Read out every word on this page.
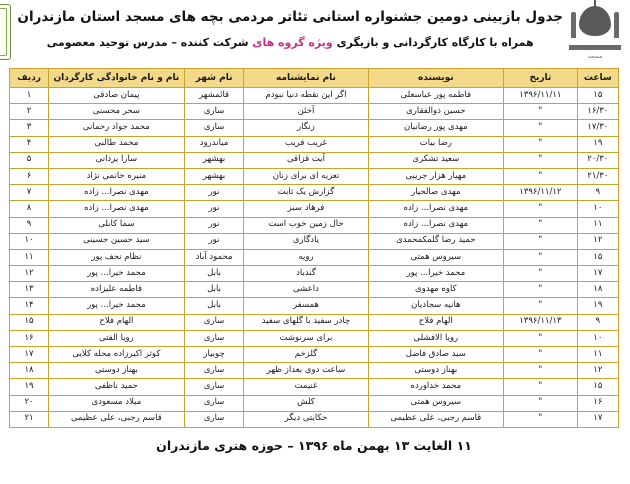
مسجد
جدول بازبینی دومین جشنواره استانی تئاتر مردمی بچه های مسجد استان مازندران
همراه با کارگاه کارگردانی و بازیگری ویژه گروه های شرکت کننده – مدرس توحید معصومی
ساعت	تاریخ	نویسنده	نام نمایشنامه	نام شهر	نام و نام خانوادگی کارگردان	ردیف
۱۵	۱۳۹۶/۱۱/۱۱	فاطمه پور عباسعلی	اگر این نقطه دنیا نبودم	قائمشهر	پیمان صادقی	۱
۱۶/۳۰	"	حسین ذوالفقاری	آخئن	ساری	سحر محسنی	۲
۱۷/۳۰	"	مهدی پور رضانیان	زنگار	ساری	محمد جواد رحمانی	۳
۱۹	"	رضا بیات	غریب قریب	میاندرود	محمد طالبی	۴
۲۰/۳۰	"	سعید تشکری	آیت قزاقی	بهشهر	سارا یزدانی	۵
۲۱/۳۰	"	مهیار هزار جریبی	تعزیه ای برای زنان	بهشهر	منیره خانمی نژاد	۶
۹	۱۳۹۶/۱۱/۱۲	مهدی صالحیار	گزارش یک ثابت	نور	مهدی نصرا... زاده	۷
۱۰	"	مهدی نصرا... زاده	فرهاد سبز	نور	مهدی نصرا... زاده	۸
۱۱	"	مهدی نصرا... زاده	حال زمین خوب است	نور	سما کابلی	۹
۱۲	"	حمید رضا گلمکمحمدی	یادگاری	نور	سید حسین حسینی	۱۰
۱۵	"	سیروس همتی	رویه	محمود آباد	نظام نجف پور	۱۱
۱۷	"	محمد خیرا... پور	گندباد	بابل	محمد خیرا... پور	۱۲
۱۸	"	کاوه مهدوی	داعشی	بابل	فاطمه علیزاده	۱۳
۱۹	"	هانیه سجادیان	همسفر	بابل	محمد خیرا... پور	۱۴
۹	۱۳۹۶/۱۱/۱۳	الهام فلاح	چادر سفید با گلهای سفید	ساری	الهام فلاح	۱۵
۱۰	"	رویا الافشلی	برای سرنوشت	ساری	رویا الفتی	۱۶
۱۱	"	سید صادق فاضل	گلزخم	چوبیار	کوثر اکبرزاده محله کلایی	۱۷
۱۲	"	بهناز دوستی	ساعت دوی بعداز ظهر	ساری	بهناز دوستی	۱۸
۱۵	"	محمد خداورده	غنیمت	ساری	حمید ناظفی	۱۹
۱۶	"	سیروس همتی	کلش	ساری	میلاد مسعودی	۲۰
۱۷	"	قاسم رجبی، علی عظیمی	حکایتی دیگر	ساری	قاسم رجبی، علی عظیمی	۲۱
۱۱ الغایت ۱۳ بهمن ماه ۱۳۹۶ – حوزه هنری مازندران
